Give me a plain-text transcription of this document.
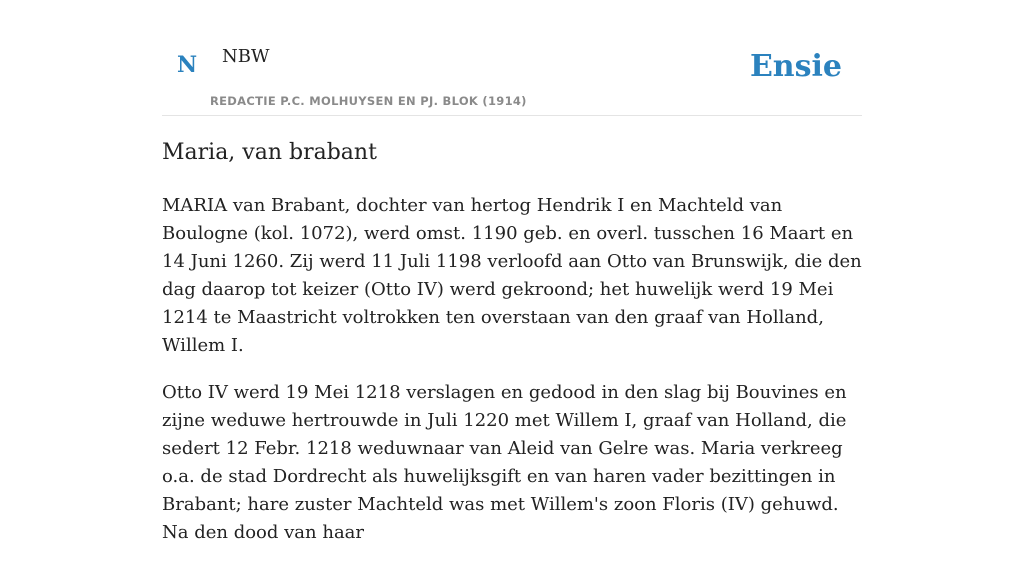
N NBW
REDACTIE P.C. MOLHUYSEN EN PJ. BLOK (1914)
Ensie
Maria, van brabant

MARIA van Brabant, dochter van hertog Hendrik I en Machteld van Boulogne (kol. 1072), werd omst. 1190 geb. en overl. tusschen 16 Maart en 14 Juni 1260. Zij werd 11 Juli 1198 verloofd aan Otto van Brunswijk, die den dag daarop tot keizer (Otto IV) werd gekroond; het huwelijk werd 19 Mei 1214 te Maastricht voltrokken ten overstaan van den graaf van Holland, Willem I.

Otto IV werd 19 Mei 1218 verslagen en gedood in den slag bij Bouvines en zijne weduwe hertrouwde in Juli 1220 met Willem I, graaf van Holland, die sedert 12 Febr. 1218 weduwnaar van Aleid van Gelre was. Maria verkreeg o.a. de stad Dordrecht als huwelijksgift en van haren vader bezittingen in Brabant; hare zuster Machteld was met Willem's zoon Floris (IV) gehuwd. Na den dood van haar
